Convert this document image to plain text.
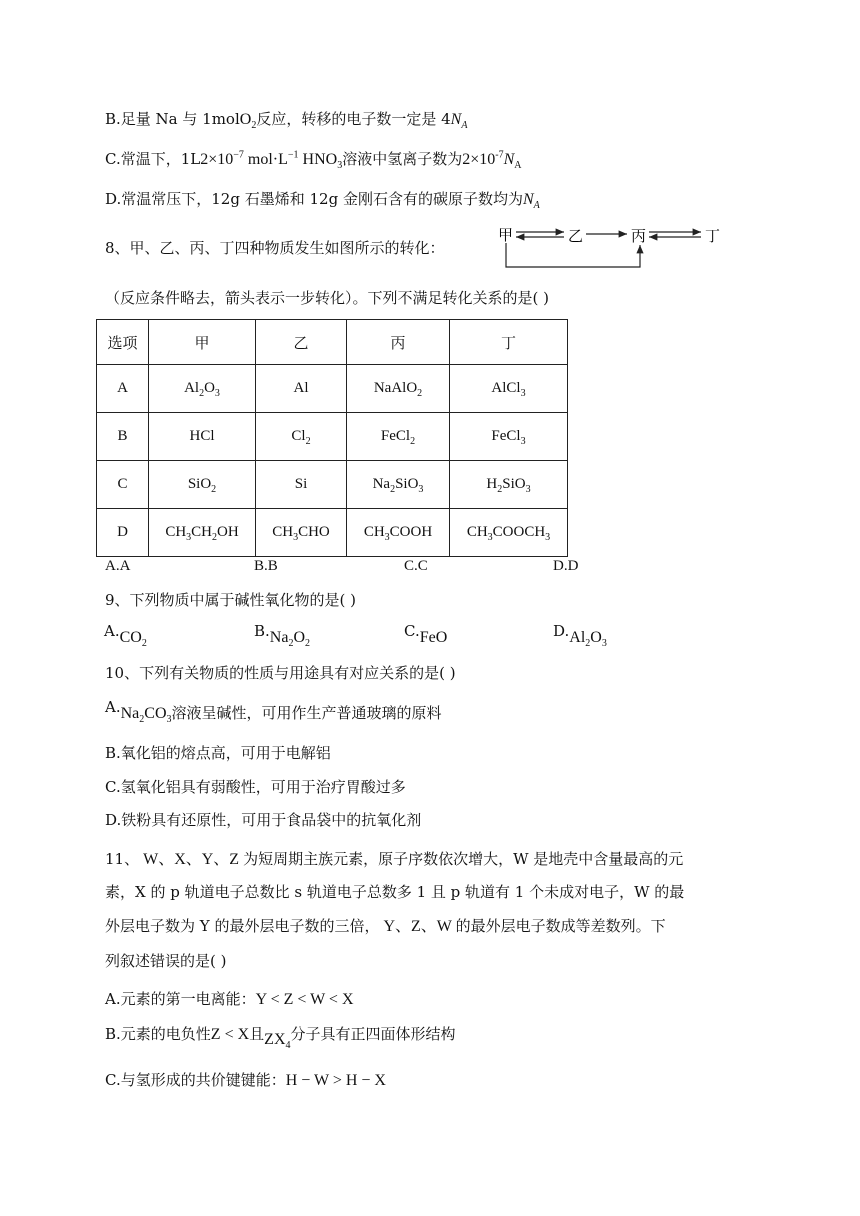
B.足量 Na 与 1molO$_2$反应，转移的电子数一定是 $4N_A$
C.常温下，$1L2\times 10^{-7}$ $mol\cdot L^{-1}$ $HNO_3$溶液中氢离子数为$2\times 10^{-7}N_A$
D.常温常压下，12g 石墨烯和 12g 金刚石含有的碳原子数均为$N_A$
8、甲、乙、丙、丁四种物质发生如图所示的转化：
甲	乙	丙	丁
（反应条件略去，箭头表示一步转化）。下列不满足转化关系的是( )
选项	甲	乙	丙	丁
A	$Al_2O_3$	Al	NaAlO$_2$	AlCl$_3$
B	HCl	$Cl_2$	FeCl$_2$	FeCl$_3$
C	SiO$_2$	Si	$Na_2SiO_3$	$H_2SiO_3$
D	$CH_3CH_2OH$	$CH_3CHO$	$CH_3COOH$	$CH_3COOCH_3$
A.A	B.B	C.C	D.D
9、下列物质中属于碱性氧化物的是( )
$A.CO_2$
$B.Na_2O_2$
C.FeO	$D.Al_2O_3$
10、下列有关物质的性质与用途具有对应关系的是( )
$A.Na_2CO_3$溶液呈碱性，可用作生产普通玻璃的原料
B.氧化铝的熔点高，可用于电解铝
C.氢氧化铝具有弱酸性，可用于治疗胃酸过多
D.铁粉具有还原性，可用于食品袋中的抗氧化剂
11、 W、X、Y、Z 为短周期主族元素，原子序数依次增大，W 是地壳中含量最高的元
素，X 的 p 轨道电子总数比 s 轨道电子总数多 1 且 p 轨道有 1 个未成对电子，W 的最
外层电子数为 Y 的最外层电子数的三倍， Y、Z、W 的最外层电子数成等差数列。下
列叙述错误的是( )
A.元素的第一电离能：Y < Z < W < X
B.元素的电负性Z < X且$ZX_4$分子具有正四面体形结构
C.与氢形成的共价键键能：H − W > H − X
